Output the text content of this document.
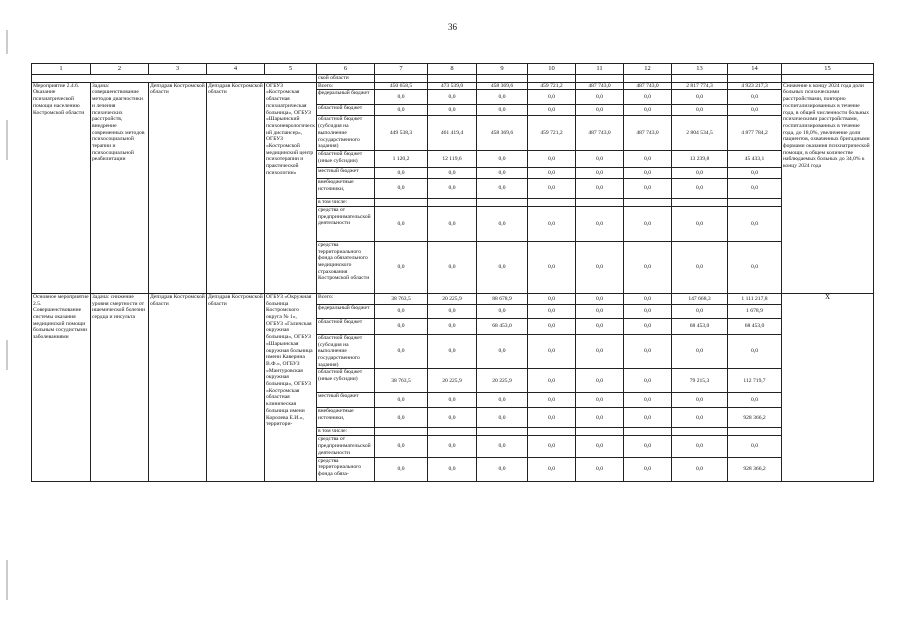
36
1	2	3	4	5	6	7	8	9	10	11	12	13	14	15
					ской области									
Мероприятие 2.4.6. Оказание психиатрической помощи населению Костромской области	Задача: совершенствование методов диагностики и лечения психических расстройств, внедрение современных методов психосоциальной терапии и психосоциальной реабилитации	Депздрав Костромской области	Депздрав Костромской области	ОГБУЗ «Костромская областная психиатрическая больница», ОГБУЗ «Шарьинский психоневрологический диспансер», ОГБУЗ «Костромской медицинский центр психотерапии и практической психологии»	Всего:	450 658,5	473 539,0	458 369,6	459 721,2	487 743,0	487 743,0	2 817 774,3	4 923 217,3	Снижение к концу 2024 года доли больных психическими расстройствами, повторно госпитализированных в течение года, в общей численности больных психическими расстройствами, госпитализированных в течение года, до 18,0%, увеличение доли пациентов, охваченных бригадными формами оказания психиатрической помощи, в общем количестве наблюдаемых больных до 34,0% к концу 2024 года
					федеральный бюджет	0,0	0,0	0,0	0,0	0,0	0,0	0,0	0,0	
					областной бюджет	0,0	0,0	0,0	0,0	0,0	0,0	0,0	0,0	
					областной бюджет (субсидия на выполнение государственного задания)	449 538,3	461 419,4	458 369,6	459 721,2	487 743,0	487 743,0	2 804 534,5	4 877 784,2	
					областной бюджет (иные субсидии)	1 120,2	12 119,6	0,0	0,0	0,0	0,0	13 239,8	45 433,1	
					местный бюджет	0,0	0,0	0,0	0,0	0,0	0,0	0,0	0,0	
					внебюджетные источники,	0,0	0,0	0,0	0,0	0,0	0,0	0,0	0,0	
					в том числе:									
					средства от предпринимательской деятельности	0,0	0,0	0,0	0,0	0,0	0,0	0,0	0,0	
					средства территориального фонда обязательного медицинского страхования Костромской области	0,0	0,0	0,0	0,0	0,0	0,0	0,0	0,0	
Основное мероприятие 2.5. Совершенствование системы оказания медицинской помощи больным сосудистыми заболеваниями	Задача: снижение уровня смертности от ишемической болезни сердца и инсульта	Депздрав Костромской области	Депздрав Костромской области	ОГБУЗ «Окружная больница Костромского округа № 1», ОГБУЗ «Галичская окружная больница», ОГБУЗ «Шарьинская окружная больница имени Каверина В.Ф.», ОГБУЗ «Мантуровская окружная больница», ОГБУЗ «Костромская областная клиническая больница имени Королева Е.И.», территори-	Всего:	38 763,5	20 225,9	88 678,9	0,0	0,0	0,0	147 668,3	1 111 217,8	X
					федеральный бюджет	0,0	0,0	0,0	0,0	0,0	0,0	0,0	1 678,9	
					областной бюджет	0,0	0,0	68 453,0	0,0	0,0	0,0	68 453,0	68 453,0	
					областной бюджет (субсидия на выполнение государственного задания)	0,0	0,0	0,0	0,0	0,0	0,0	0,0	0,0	
					областной бюджет (иные субсидии)	38 763,5	20 225,9	20 225,9	0,0	0,0	0,0	79 215,3	112 719,7	
					местный бюджет	0,0	0,0	0,0	0,0	0,0	0,0	0,0	0,0	
					внебюджетные источники,	0,0	0,0	0,0	0,0	0,0	0,0	0,0	928 366,2	
					в том числе:									
					средства от предпринимательской деятельности	0,0	0,0	0,0	0,0	0,0	0,0	0,0	0,0	
					средства территориального фонда обяза-	0,0	0,0	0,0	0,0	0,0	0,0	0,0	928 366,2	
